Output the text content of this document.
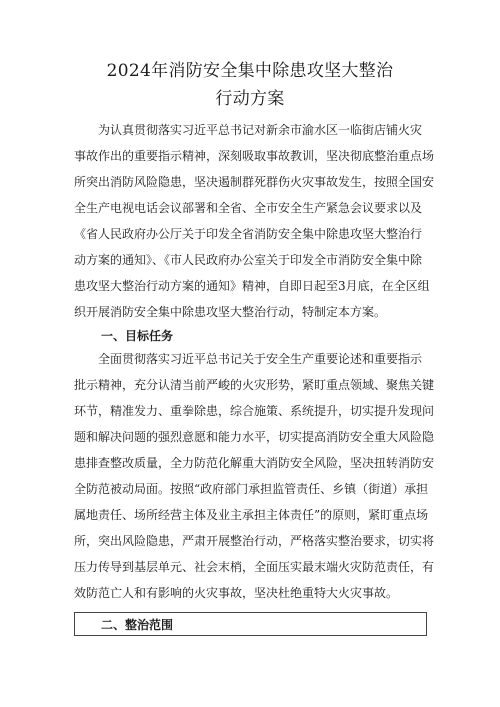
2024年消防安全集中除患攻坚大整治
行动方案
　　为认真贯彻落实习近平总书记对新余市渝水区一临街店铺火灾
事故作出的重要指示精神，深刻吸取事故教训，坚决彻底整治重点场
所突出消防风险隐患，坚决遏制群死群伤火灾事故发生，按照全国安
全生产电视电话会议部署和全省、全市安全生产紧急会议要求以及
《省人民政府办公厅关于印发全省消防安全集中除患攻坚大整治行
动方案的通知》、《市人民政府办公室关于印发全市消防安全集中除
患攻坚大整治行动方案的通知》精神，自即日起至3月底，在全区组
织开展消防安全集中除患攻坚大整治行动，特制定本方案。
一、目标任务
　　全面贯彻落实习近平总书记关于安全生产重要论述和重要指示
批示精神，充分认清当前严峻的火灾形势，紧盯重点领域、聚焦关键
环节，精准发力、重拳除患，综合施策、系统提升，切实提升发现问
题和解决问题的强烈意愿和能力水平，切实提高消防安全重大风险隐
患排查整改质量，全力防范化解重大消防安全风险，坚决扭转消防安
全防范被动局面。按照“政府部门承担监管责任、乡镇（街道）承担
属地责任、场所经营主体及业主承担主体责任”的原则，紧盯重点场
所，突出风险隐患，严肃开展整治行动，严格落实整治要求，切实将
压力传导到基层单元、社会末梢，全面压实最末端火灾防范责任，有
效防范亡人和有影响的火灾事故，坚决杜绝重特大火灾事故。
二、整治范围
